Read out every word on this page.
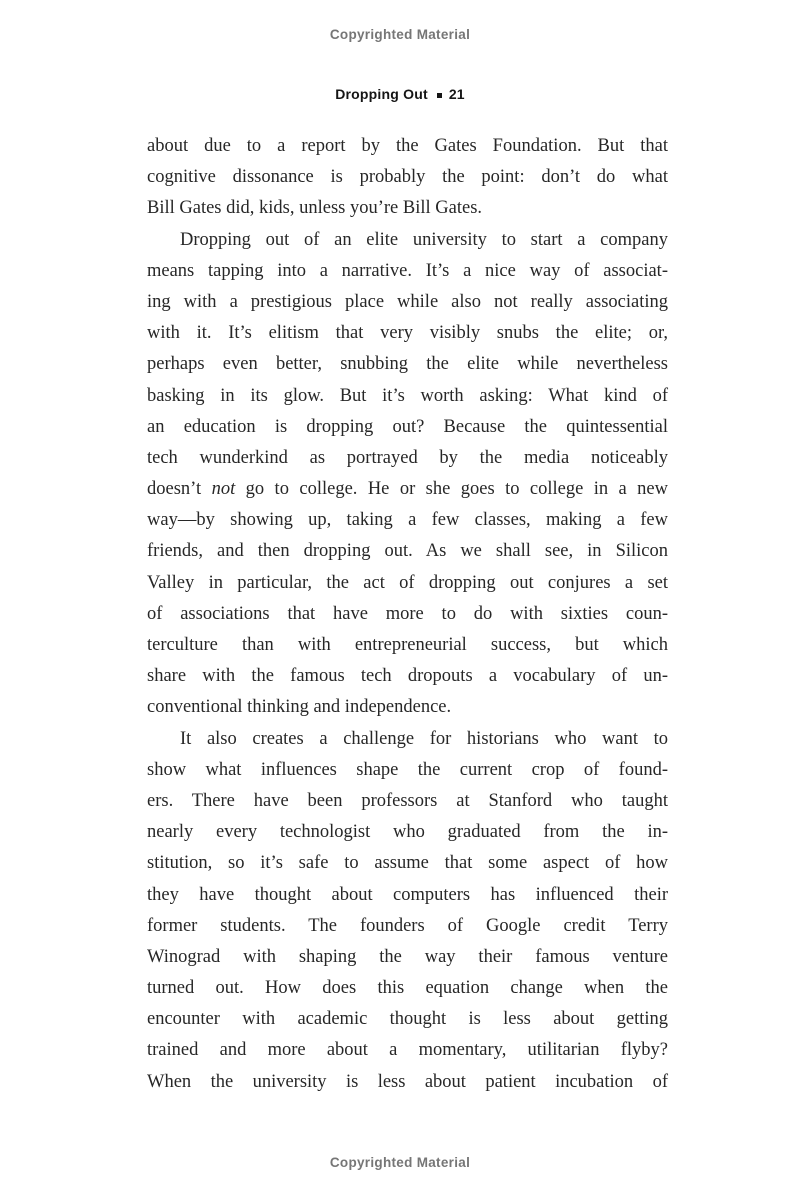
Copyrighted Material
Dropping Out 21
about due to a report by the Gates Foundation. But that
cognitive dissonance is probably the point: don’t do what
Bill Gates did, kids, unless you’re Bill Gates.
Dropping out of an elite university to start a company
means tapping into a narrative. It’s a nice way of associat-
ing with a prestigious place while also not really associating
with it. It’s elitism that very visibly snubs the elite; or,
perhaps even better, snubbing the elite while nevertheless
basking in its glow. But it’s worth asking: What kind of
an education is dropping out? Because the quintessential
tech wunderkind as portrayed by the media noticeably
doesn’t not go to college. He or she goes to college in a new
way—by showing up, taking a few classes, making a few
friends, and then dropping out. As we shall see, in Silicon
Valley in particular, the act of dropping out conjures a set
of associations that have more to do with sixties coun-
terculture than with entrepreneurial success, but which
share with the famous tech dropouts a vocabulary of un-
conventional thinking and independence.
It also creates a challenge for historians who want to
show what influences shape the current crop of found-
ers. There have been professors at Stanford who taught
nearly every technologist who graduated from the in-
stitution, so it’s safe to assume that some aspect of how
they have thought about computers has influenced their
former students. The founders of Google credit Terry
Winograd with shaping the way their famous venture
turned out. How does this equation change when the
encounter with academic thought is less about getting
trained and more about a momentary, utilitarian flyby?
When the university is less about patient incubation of
Copyrighted Material
